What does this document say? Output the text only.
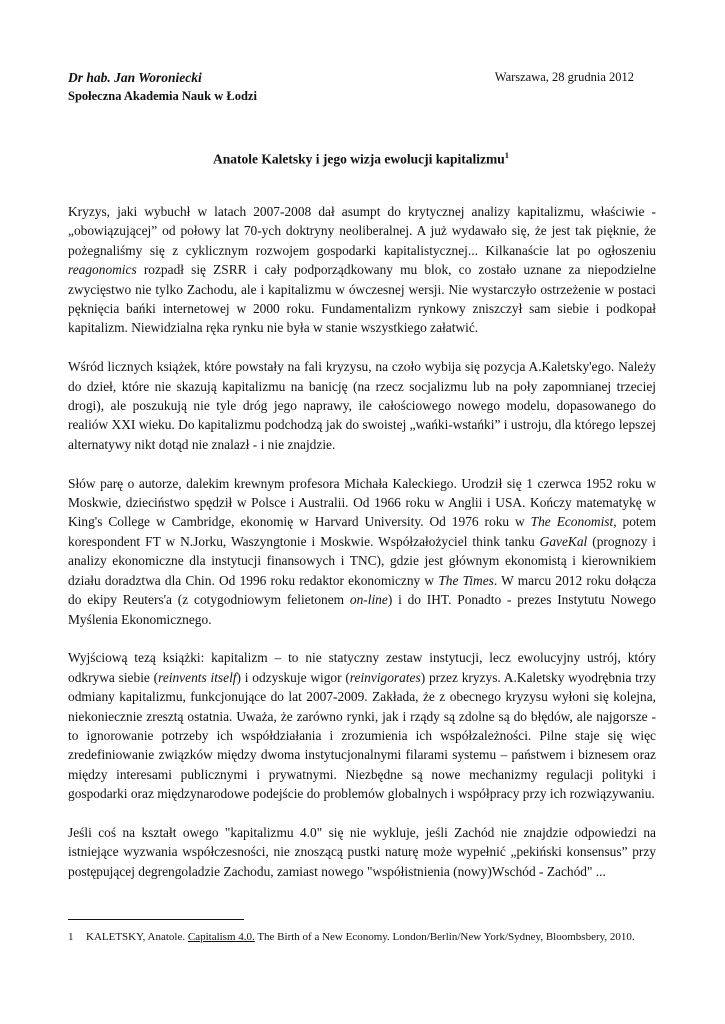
Dr hab. Jan Woroniecki	Warszawa, 28 grudnia 2012
Społeczna Akademia Nauk w Łodzi
Anatole Kaletsky i jego wizja ewolucji kapitalizmu$^1$

Kryzys, jaki wybuchł w latach 2007-2008 dał asumpt do krytycznej analizy kapitalizmu, właściwie - „obowiązującej” od połowy lat 70-ych doktryny neoliberalnej. A już wydawało się, że jest tak pięknie, że pożegnaliśmy się z cyklicznym rozwojem gospodarki kapitalistycznej... Kilkanaście lat po ogłoszeniu reagonomics rozpadł się ZSRR i cały podporządkowany mu blok, co zostało uznane za niepodzielne zwycięstwo nie tylko Zachodu, ale i kapitalizmu w ówczesnej wersji. Nie wystarczyło ostrzeżenie w postaci pęknięcia bańki internetowej w 2000 roku. Fundamentalizm rynkowy zniszczył sam siebie i podkopał kapitalizm. Niewidzialna ręka rynku nie była w stanie wszystkiego załatwić.

Wśród licznych książek, które powstały na fali kryzysu, na czoło wybija się pozycja A.Kaletsky'ego. Należy do dzieł, które nie skazują kapitalizmu na banicję (na rzecz socjalizmu lub na poły zapomnianej trzeciej drogi), ale poszukują nie tyle dróg jego naprawy, ile całościowego nowego modelu, dopasowanego do realiów XXI wieku. Do kapitalizmu podchodzą jak do swoistej „wańki-wstańki” i ustroju, dla którego lepszej alternatywy nikt dotąd nie znalazł - i nie znajdzie.

Słów parę o autorze, dalekim krewnym profesora Michała Kaleckiego. Urodził się 1 czerwca 1952 roku w Moskwie, dzieciństwo spędził w Polsce i Australii. Od 1966 roku w Anglii i USA. Kończy matematykę w King's College w Cambridge, ekonomię w Harvard University. Od 1976 roku w The Economist, potem korespondent FT w N.Jorku, Waszyngtonie i Moskwie. Współzałożyciel think tanku GaveKal (prognozy i analizy ekonomiczne dla instytucji finansowych i TNC), gdzie jest głównym ekonomistą i kierownikiem działu doradztwa dla Chin. Od 1996 roku redaktor ekonomiczny w The Times. W marcu 2012 roku dołącza do ekipy Reuters'a (z cotygodniowym felietonem on-line) i do IHT. Ponadto - prezes Instytutu Nowego Myślenia Ekonomicznego.

Wyjściową tezą książki: kapitalizm – to nie statyczny zestaw instytucji, lecz ewolucyjny ustrój, który odkrywa siebie (reinvents itself) i odzyskuje wigor (reinvigorates) przez kryzys. A.Kaletsky wyodrębnia trzy odmiany kapitalizmu, funkcjonujące do lat 2007-2009. Zakłada, że z obecnego kryzysu wyłoni się kolejna, niekoniecznie zresztą ostatnia. Uważa, że zarówno rynki, jak i rządy są zdolne są do błędów, ale najgorsze - to ignorowanie potrzeby ich współdziałania i zrozumienia ich współzależności. Pilne staje się więc zredefiniowanie związków między dwoma instytucjonalnymi filarami systemu – państwem i biznesem oraz między interesami publicznymi i prywatnymi. Niezbędne są nowe mechanizmy regulacji polityki i gospodarki oraz międzynarodowe podejście do problemów globalnych i współpracy przy ich rozwiązywaniu.

Jeśli coś na kształt owego "kapitalizmu 4.0" się nie wykluje, jeśli Zachód nie znajdzie odpowiedzi na istniejące wyzwania współczesności, nie znoszącą pustki naturę może wypełnić „pekiński konsensus” przy postępującej degrengoladzie Zachodu, zamiast nowego "współistnienia (nowy)Wschód - Zachód" ...

1 KALETSKY, Anatole. Capitalism 4.0. The Birth of a New Economy. London/Berlin/New York/Sydney, Bloombsbery, 2010.
